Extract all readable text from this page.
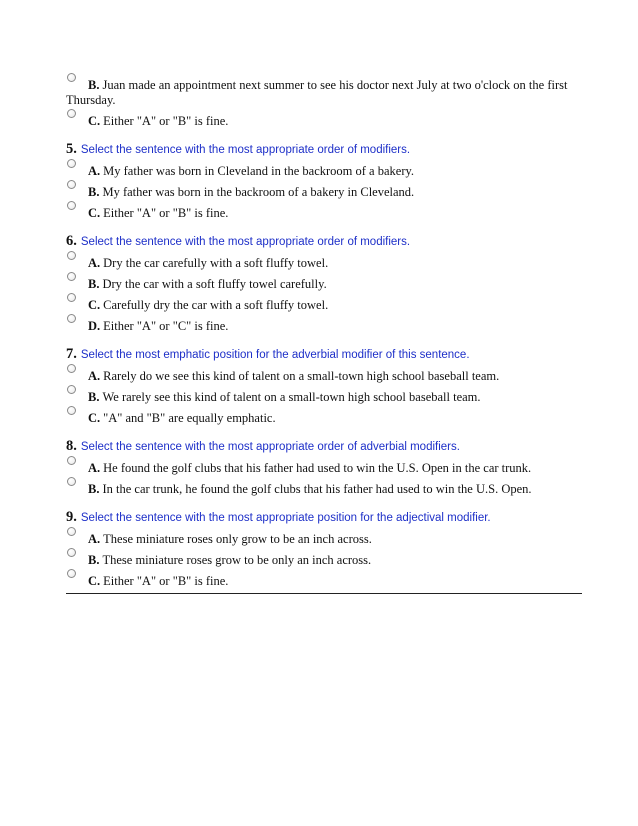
B. Juan made an appointment next summer to see his doctor next July at two o'clock on the first Thursday.
C. Either "A" or "B" is fine.
5. Select the sentence with the most appropriate order of modifiers.
A. My father was born in Cleveland in the backroom of a bakery.
B. My father was born in the backroom of a bakery in Cleveland.
C. Either "A" or "B" is fine.
6. Select the sentence with the most appropriate order of modifiers.
A. Dry the car carefully with a soft fluffy towel.
B. Dry the car with a soft fluffy towel carefully.
C. Carefully dry the car with a soft fluffy towel.
D. Either "A" or "C" is fine.
7. Select the most emphatic position for the adverbial modifier of this sentence.
A. Rarely do we see this kind of talent on a small-town high school baseball team.
B. We rarely see this kind of talent on a small-town high school baseball team.
C. "A" and "B" are equally emphatic.
8. Select the sentence with the most appropriate order of adverbial modifiers.
A. He found the golf clubs that his father had used to win the U.S. Open in the car trunk.
B. In the car trunk, he found the golf clubs that his father had used to win the U.S. Open.
9. Select the sentence with the most appropriate position for the adjectival modifier.
A. These miniature roses only grow to be an inch across.
B. These miniature roses grow to be only an inch across.
C. Either "A" or "B" is fine.
